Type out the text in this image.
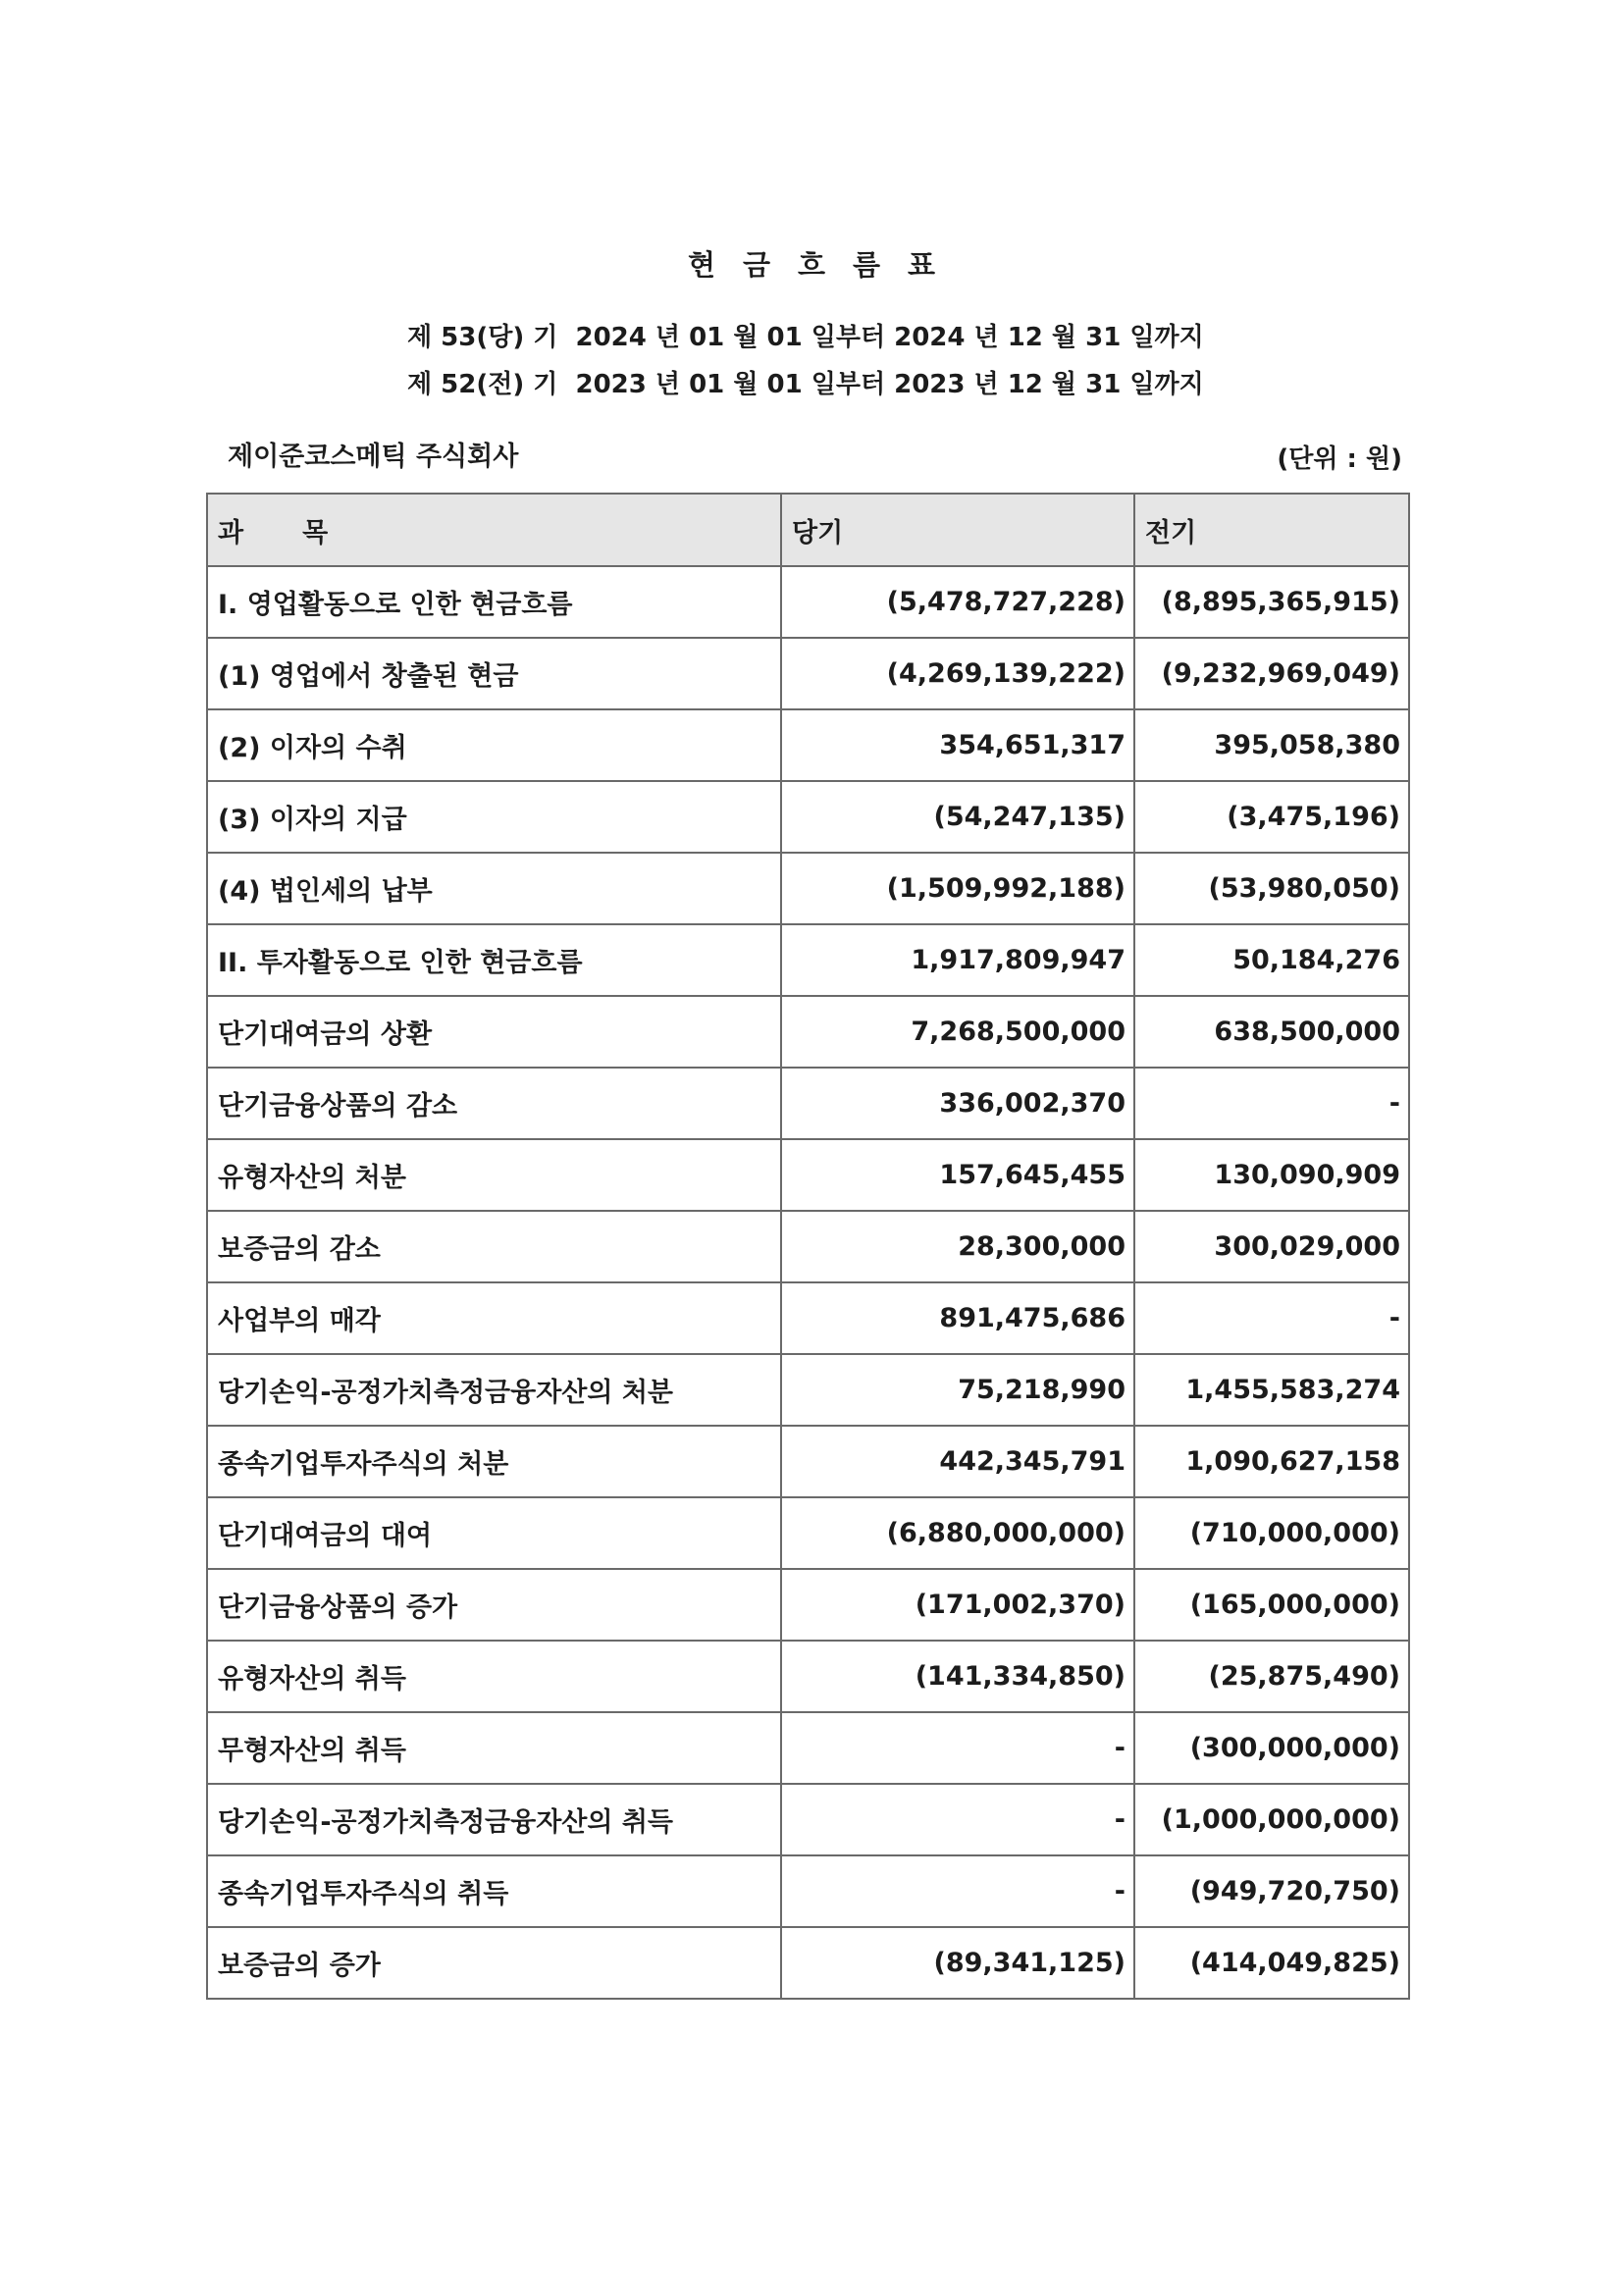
현금흐름표
제 53(당) 기  2024 년 01 월 01 일부터 2024 년 12 월 31 일까지
제 52(전) 기  2023 년 01 월 01 일부터 2023 년 12 월 31 일까지
제이준코스메틱 주식회사	(단위 : 원)
과 목	당기	전기
I. 영업활동으로 인한 현금흐름	(5,478,727,228)	(8,895,365,915)
(1) 영업에서 창출된 현금	(4,269,139,222)	(9,232,969,049)
(2) 이자의 수취	354,651,317	395,058,380
(3) 이자의 지급	(54,247,135)	(3,475,196)
(4) 법인세의 납부	(1,509,992,188)	(53,980,050)
II. 투자활동으로 인한 현금흐름	1,917,809,947	50,184,276
단기대여금의 상환	7,268,500,000	638,500,000
단기금융상품의 감소	336,002,370	-
유형자산의 처분	157,645,455	130,090,909
보증금의 감소	28,300,000	300,029,000
사업부의 매각	891,475,686	-
당기손익-공정가치측정금융자산의 처분	75,218,990	1,455,583,274
종속기업투자주식의 처분	442,345,791	1,090,627,158
단기대여금의 대여	(6,880,000,000)	(710,000,000)
단기금융상품의 증가	(171,002,370)	(165,000,000)
유형자산의 취득	(141,334,850)	(25,875,490)
무형자산의 취득	-	(300,000,000)
당기손익-공정가치측정금융자산의 취득	-	(1,000,000,000)
종속기업투자주식의 취득	-	(949,720,750)
보증금의 증가	(89,341,125)	(414,049,825)
